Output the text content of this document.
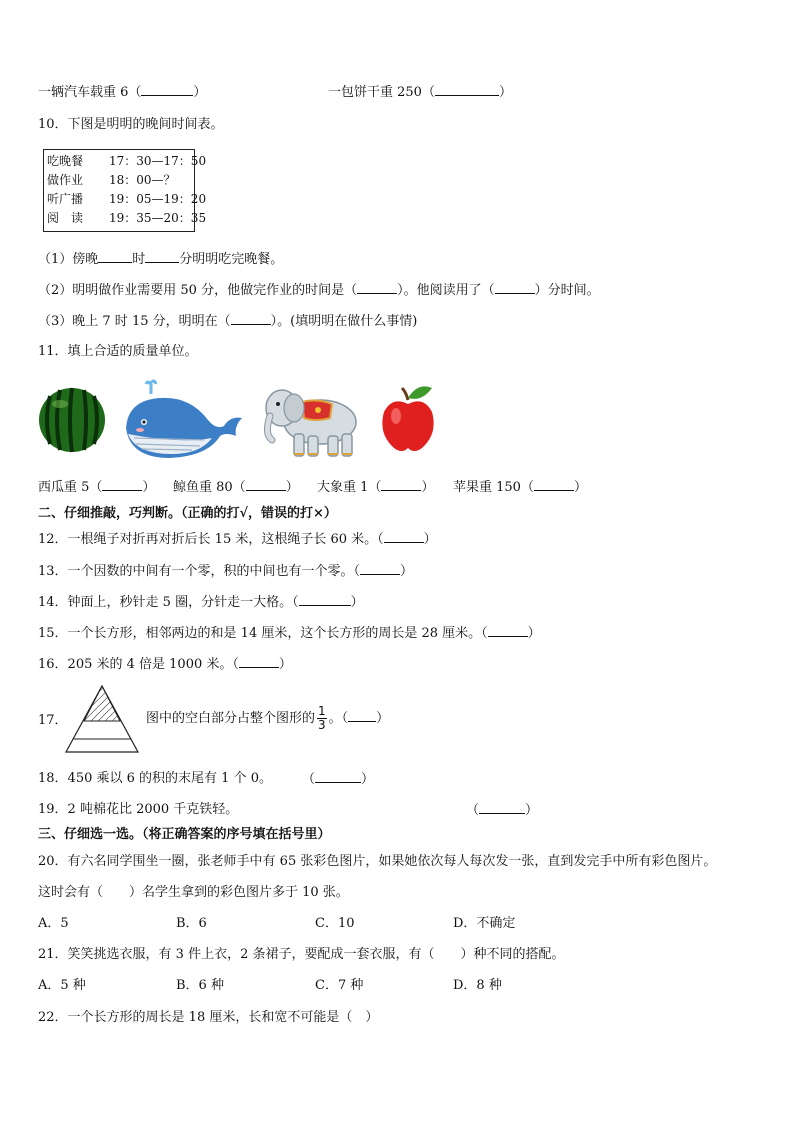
一辆汽车载重 6（	）	一包饼干重 250（	）
10．下图是明明的晚间时间表。
吃晚餐 17：30—17：50
做作业 18：00—？
听广播 19：05—19：20
阅　读 19：35—20：35
（1）傍晚	时	分明明吃完晚餐。
（2）明明做作业需要用 50 分，他做完作业的时间是（	）。他阅读用了（	）分时间。
（3）晚上 7 时 15 分，明明在（	）。(填明明在做什么事情)
11．填上合适的质量单位。
西瓜重 5（	） 鲸鱼重 80（	） 大象重 1（	） 苹果重 150（	）
二、仔细推敲，巧判断。（正确的打√，错误的打×）
12．一根绳子对折再对折后长 15 米，这根绳子长 60 米。（	）
13．一个因数的中间有一个零，积的中间也有一个零。（	）
14．钟面上，秒针走 5 圈，分针走一大格。（	）
15．一个长方形，相邻两边的和是 14 厘米，这个长方形的周长是 28 厘米。（	）
16．205 米的 4 倍是 1000 米。（	）
17．	图中的空白部分占整个图形的 $\frac{1}{3}$ 。（ ）
18．450 乘以 6 的积的末尾有 1 个 0。 （	）
19．2 吨棉花比 2000 千克铁轻。	（	）
三、仔细选一选。（将正确答案的序号填在括号里）
20．有六名同学围坐一圈，张老师手中有 65 张彩色图片，如果她依次每人每次发一张，直到发完手中所有彩色图片。
这时会有（　　）名学生拿到的彩色图片多于 10 张。
A．5	B．6	C．10	D．不确定
21．笑笑挑选衣服，有 3 件上衣，2 条裙子，要配成一套衣服，有（　　）种不同的搭配。
A．5 种	B．6 种	C．7 种	D．8 种
22．一个长方形的周长是 18 厘米，长和宽不可能是（　）
